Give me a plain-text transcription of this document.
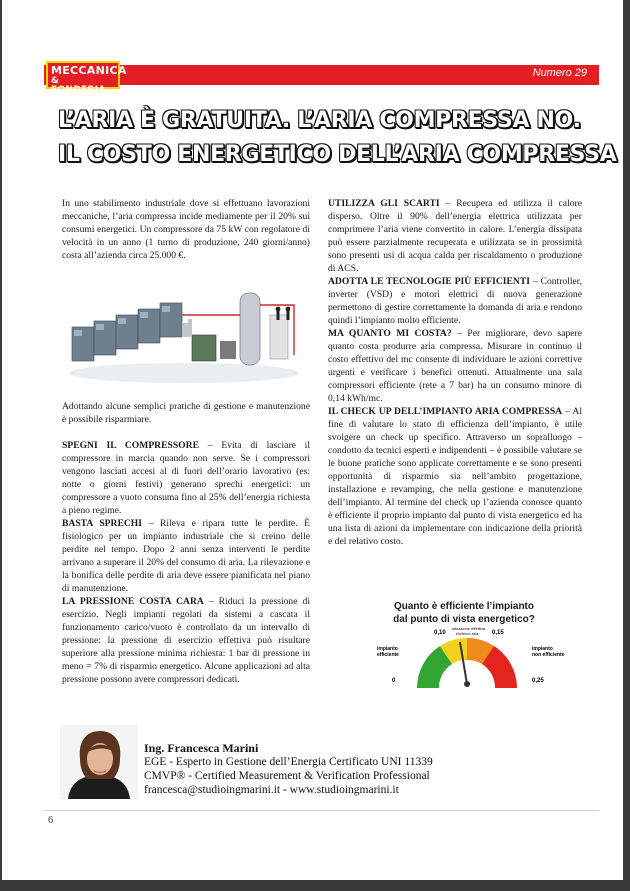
MECCANICA
& FONDERIA
Numero 29
L’ARIA È GRATUITA. L’ARIA COMPRESSA NO.
IL COSTO ENERGETICO DELL’ARIA COMPRESSA

In uno stabilimento industriale dove si effettuano lavorazioni meccaniche, l’aria compressa incide mediamente per il 20% sui consumi energetici. Un compressore da 75 kW con regolatore di velocità in un anno (1 turno di produzione, 240 giorni/anno) costa all’azienda circa 25.000 €.

Adottando alcune semplici pratiche di gestione e manutenzione è possibile risparmiare.

SPEGNI IL COMPRESSORE – Evita di lasciare il compressore in marcia quando non serve. Se i compressori vengono lasciati accesi al di fuori dell’orario lavorativo (es: notte o giorni festivi) generano sprechi energetici: un compressore a vuoto consuma fino al 25% dell’energia richiesta a pieno regime.

BASTA SPRECHI – Rileva e ripara tutte le perdite. È fisiologico per un impianto industriale che si creino delle perdite nel tempo. Dopo 2 anni senza interventi le perdite arrivano a superare il 20% del consumo di aria. La rilevazione e la bonifica delle perdite di aria deve essere pianificata nel piano di manutenzione.

LA PRESSIONE COSTA CARA – Riduci la pressione di esercizio. Negli impianti regolati da sistemi a cascata il funzionamento carico/vuoto è controllato da un intervallo di pressione: la pressione di esercizio effettiva può risultare superiore alla pressione minima richiesta: 1 bar di pressione in meno = 7% di risparmio energetico. Alcune applicazioni ad alta pressione possono avere compressori dedicati.

UTILIZZA GLI SCARTI – Recupera ed utilizza il calore disperso. Oltre il 90% dell’energia elettrica utilizzata per comprimere l’aria viene convertito in calore. L’energia dissipata può essere parzialmente recuperata e utilizzata se in prossimità sono presenti usi di acqua calda per riscaldamento o produzione di ACS.

ADOTTA LE TECNOLOGIE PIÙ EFFICIENTI – Controller, inverter (VSD) e motori elettrici di nuova generazione permettono di gestire correttamente la domanda di aria e rendono quindi l’impianto molto efficiente.

MA QUANTO MI COSTA? – Per migliorare, devo sapere quanto costa produrre aria compressa. Misurare in continuo il costo effettivo del mc consente di individuare le azioni correttive urgenti e verificare i benefici ottenuti. Attualmente una sala compressori efficiente (rete a 7 bar) ha un consumo minore di 0,14 kWh/mc.

IL CHECK UP DELL’IMPIANTO ARIA COMPRESSA – Al fine di valutare lo stato di efficienza dell’impianto, è utile svolgere un check up specifico. Attraverso un sopralluogo – condotto da tecnici esperti e indipendenti – è possibile valutare se le buone pratiche sono applicate correttamente e se sono presenti opportunità di risparmio sia nell’ambito progettazione, installazione e revamping, che nella gestione e manutenzione dell’impianto. Al termine del check up l’azienda conosce quanto è efficiente il proprio impianto dal punto di vista energetico ed ha una lista di azioni da implementare con indicazione della priorità e del relativo costo.

Quanto è efficiente l’impianto
dal punto di vista energetico?
0,10	0,15
situazione effettiva
kWh/mc aria
impianto
efficiente
impianto
non efficiente
0	0,25
Ing. Francesca Marini
EGE - Esperto in Gestione dell’Energia Certificato UNI 11339
CMVP® - Certified Measurement & Verification Professional
francesca@studioingmarini.it - www.studioingmarini.it
6
